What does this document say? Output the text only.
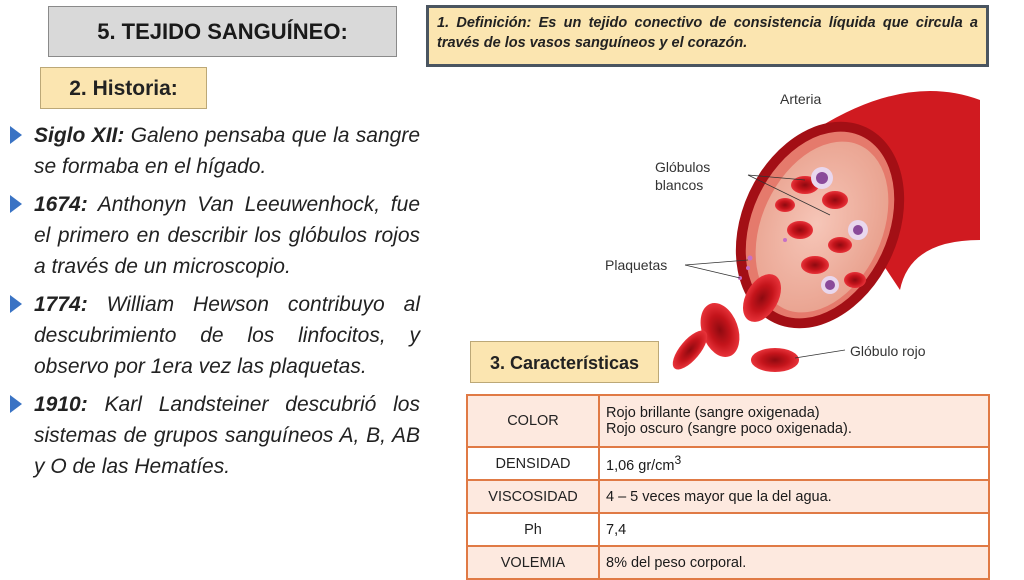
5. TEJIDO SANGUÍNEO:	1. Definición: Es un tejido conectivo de consistencia líquida que circula a través de los vasos sanguíneos y el corazón.
2. Historia:
Siglo XII: Galeno pensaba que la sangre se formaba en el hígado.
1674: Anthonyn Van Leeuwenhock, fue el primero en describir los glóbulos rojos a través de un microscopio.
1774: William Hewson contribuyo al descubrimiento de los linfocitos, y observo por 1era vez las plaquetas.
1910: Karl Landsteiner descubrió los sistemas de grupos sanguíneos A, B, AB y O de las Hematíes.
Arteria
Glóbulos
blancos
Plaquetas
Glóbulo rojo
3. Características
COLOR	Rojo brillante (sangre oxigenada)
Rojo oscuro (sangre poco oxigenada).
DENSIDAD	1,06 $gr/cm^3$
VISCOSIDAD	4 – 5 veces mayor que la del agua.
Ph	7,4
VOLEMIA	8% del peso corporal.
